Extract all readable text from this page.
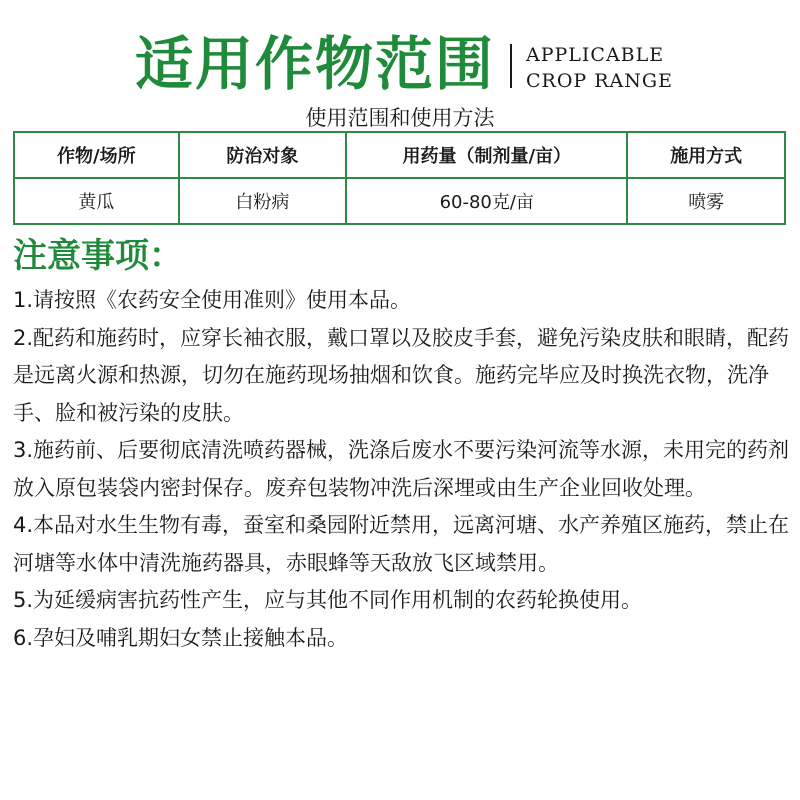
适用作物范围 APPLICABLE
CROP RANGE
使用范围和使用方法
作物/场所	防治对象	用药量（制剂量/亩）	施用方式
黄瓜	白粉病	60-80克/亩	喷雾
注意事项：

1.请按照《农药安全使用准则》使用本品。

2.配药和施药时，应穿长袖衣服，戴口罩以及胶皮手套，避免污染皮肤和眼睛，配药是远离火源和热源，切勿在施药现场抽烟和饮食。施药完毕应及时换洗衣物，洗净手、脸和被污染的皮肤。

3.施药前、后要彻底清洗喷药器械，洗涤后废水不要污染河流等水源，未用完的药剂放入原包装袋内密封保存。废弃包装物冲洗后深埋或由生产企业回收处理。

4.本品对水生生物有毒，蚕室和桑园附近禁用，远离河塘、水产养殖区施药，禁止在河塘等水体中清洗施药器具，赤眼蜂等天敌放飞区域禁用。

5.为延缓病害抗药性产生，应与其他不同作用机制的农药轮换使用。

6.孕妇及哺乳期妇女禁止接触本品。
